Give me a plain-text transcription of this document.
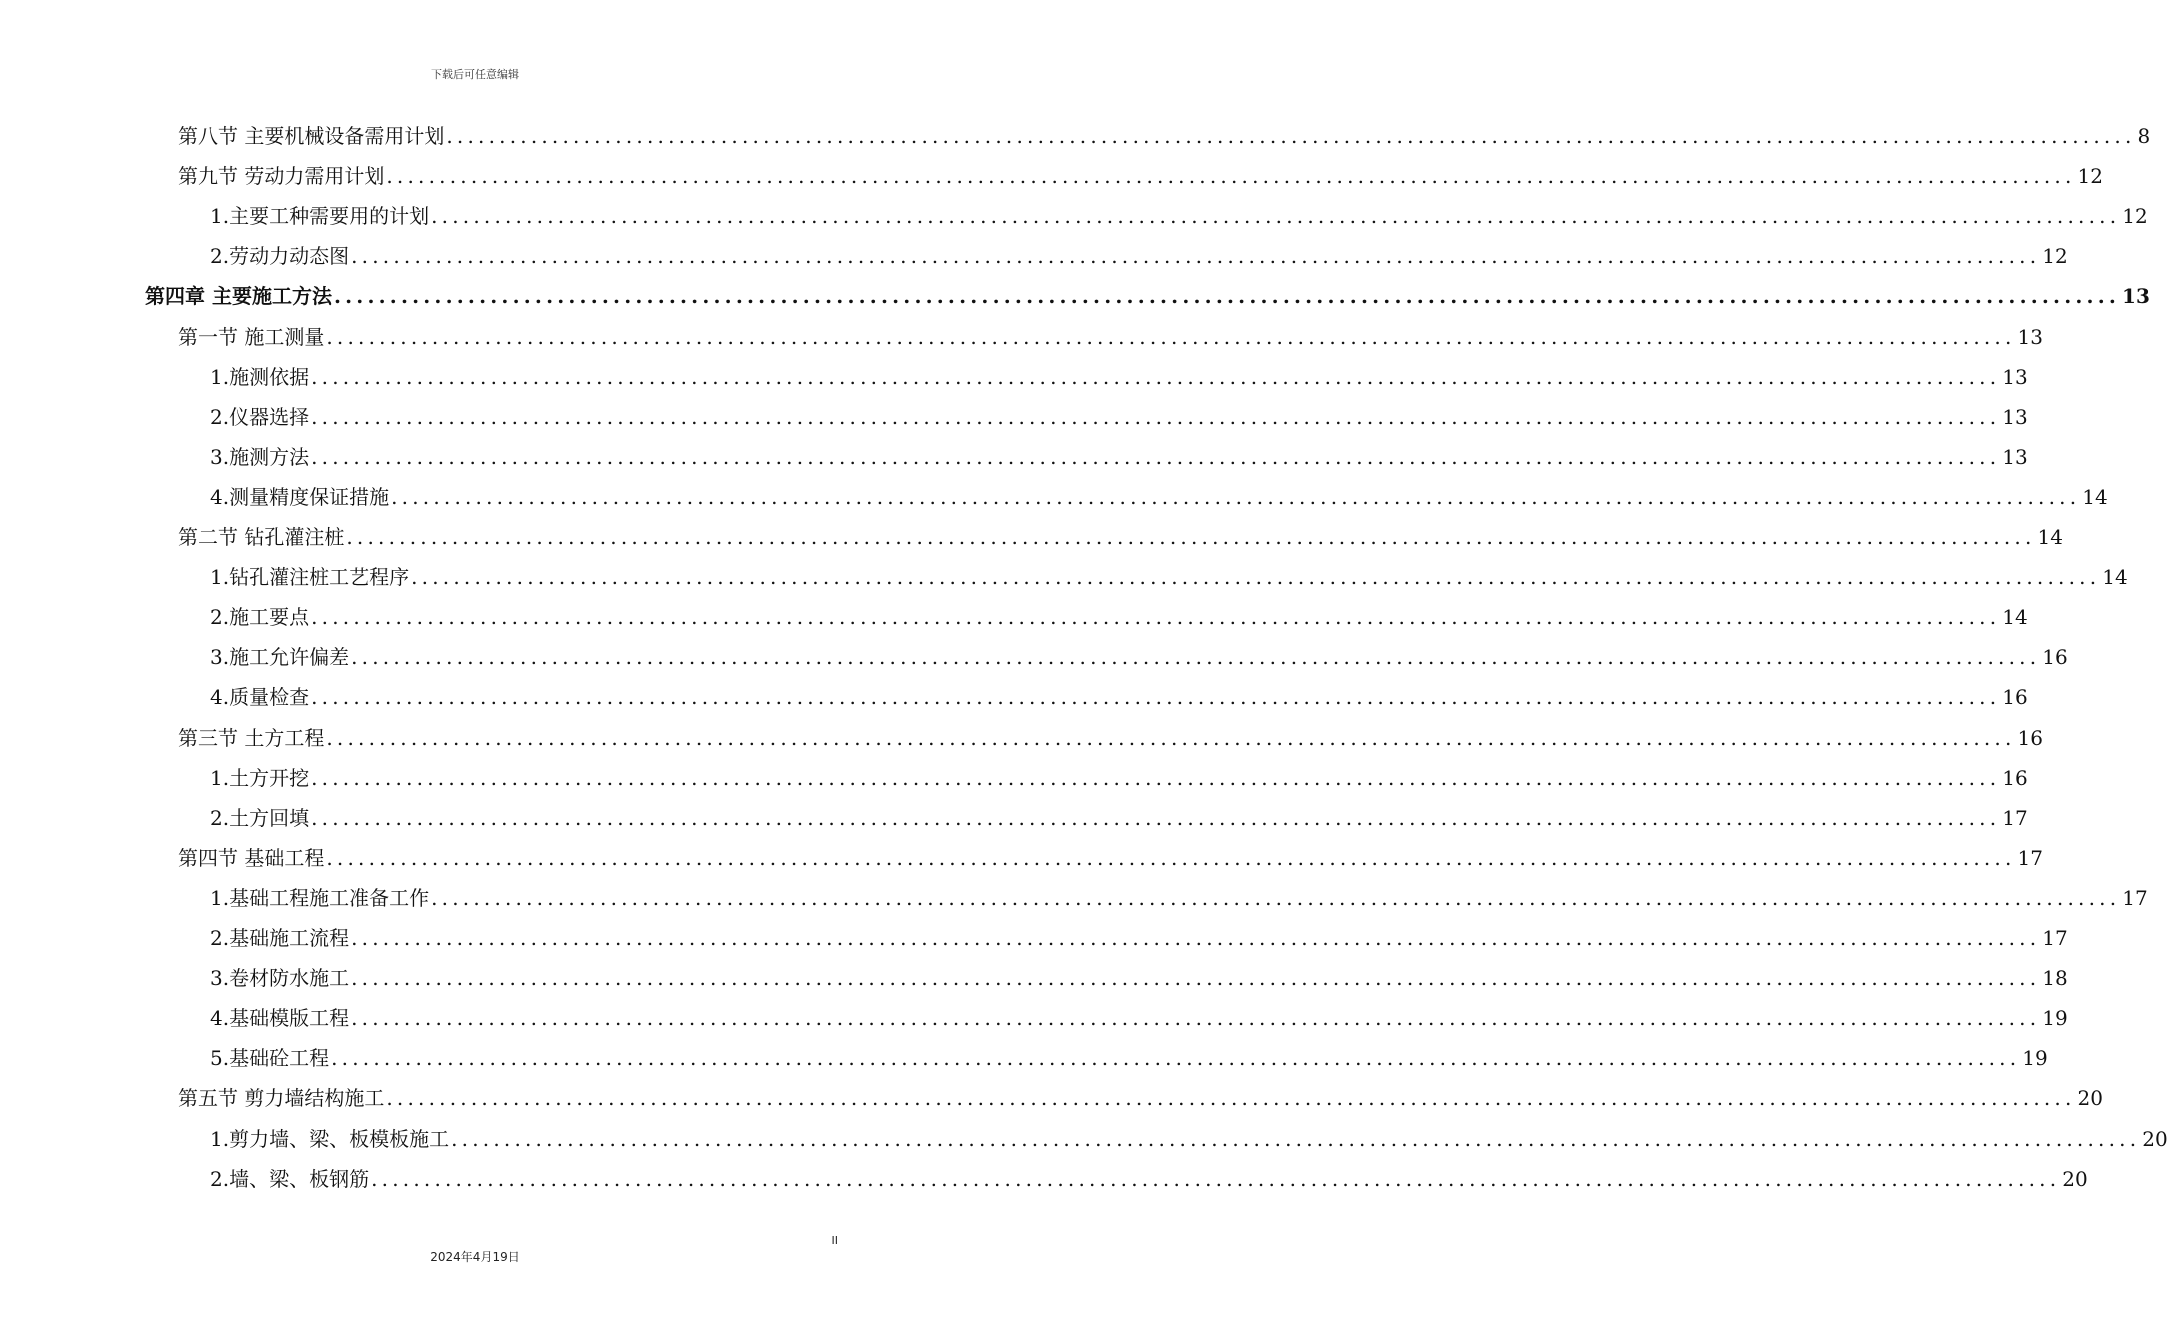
下载后可任意编辑
第八节 主要机械设备需用计划 ................................................................................................................................................................ 8
第九节 劳动力需用计划 ................................................................................................................................................................ 12
1. 主要工种需要用的计划 ................................................................................................................................................................ 12
2. 劳动力动态图 ................................................................................................................................................................ 12
第四章 主要施工方法 ................................................................................................................................................................ 13
第一节 施工测量 ................................................................................................................................................................ 13
1. 施测依据 ................................................................................................................................................................ 13
2. 仪器选择 ................................................................................................................................................................ 13
3. 施测方法 ................................................................................................................................................................ 13
4. 测量精度保证措施 ................................................................................................................................................................ 14
第二节 钻孔灌注桩 ................................................................................................................................................................ 14
1. 钻孔灌注桩工艺程序 ................................................................................................................................................................ 14
2. 施工要点 ................................................................................................................................................................ 14
3. 施工允许偏差 ................................................................................................................................................................ 16
4. 质量检查 ................................................................................................................................................................ 16
第三节 土方工程 ................................................................................................................................................................ 16
1. 土方开挖 ................................................................................................................................................................ 16
2. 土方回填 ................................................................................................................................................................ 17
第四节 基础工程 ................................................................................................................................................................ 17
1. 基础工程施工准备工作 ................................................................................................................................................................ 17
2. 基础施工流程 ................................................................................................................................................................ 17
3. 卷材防水施工 ................................................................................................................................................................ 18
4. 基础模版工程 ................................................................................................................................................................ 19
5. 基础砼工程 ................................................................................................................................................................ 19
第五节 剪力墙结构施工 ................................................................................................................................................................ 20
1. 剪力墙、梁、板模板施工 ................................................................................................................................................................ 20
2. 墙、梁、板钢筋 ................................................................................................................................................................ 20
II
2024年4月19日
